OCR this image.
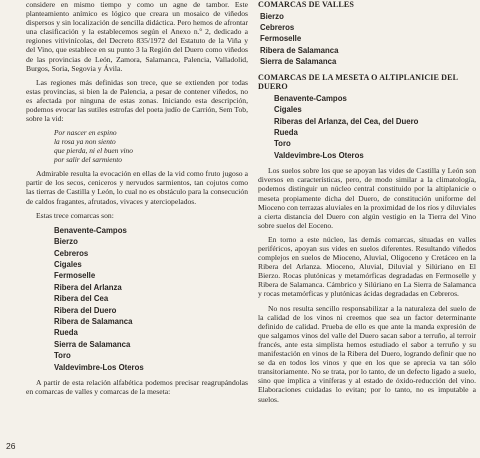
considere en mismo tiempo y como un agne de tambor. Este planteamiento anímico es lógico que creara un mosaico de viñedos dispersos y sin localización de sencilla didáctica. Pero hemos de afrontar una clasificación y la establecemos según el Anexo n.º 2, dedicado a regiones vitivinícolas, del Decreto 835/1972 del Estatuto de la Viña y del Vino, que establece en su punto 3 la Región del Duero como viñedos de las provincias de León, Zamora, Salamanca, Palencia, Valladolid, Burgos, Soria, Segovia y Ávila.

Las regiones más definidas son trece, que se extienden por todas estas provincias, si bien la de Palencia, a pesar de contener viñedos, no es afectada por ninguna de estas zonas. Iniciando esta descripción, podemos evocar las sutiles estrofas del poeta judío de Carrión, Sem Tob, sobre la vid:

Por nascer en espino
la rosa ya non siento
que pierda, ni el buen vino
por salir del sarmiento

Admirable resulta la evocación en ellas de la vid como fruto jugoso a partir de los secos, ceniceros y nervudos sarmientos, tan cojutos como las tierras de Castilla y León, lo cual no es obstáculo para la consecución de caldos fragantes, afrutados, vivaces y aterciopelados.

Estas trece comarcas son:

Benavente-Campos
Bierzo
Cebreros
Cigales
Fermoselle
Ribera del Arlanza
Ribera del Cea
Ribera del Duero
Ribera de Salamanca
Rueda
Sierra de Salamanca
Toro
Valdevimbre-Los Oteros

A partir de esta relación alfabética podemos precisar reagrupándolas en comarcas de valles y comarcas de la meseta:

26
COMARCAS DE VALLES
Bierzo
Cebreros
Fermoselle
Ribera de Salamanca
Sierra de Salamanca
COMARCAS DE LA MESETA O ALTIPLANICIE DEL DUERO
Benavente-Campos
Cigales
Riberas del Arlanza, del Cea, del Duero
Rueda
Toro
Valdevimbre-Los Oteros

Los suelos sobre los que se apoyan las vides de Castilla y León son diversos en características, pero, de modo similar a la climatología, podemos distinguir un núcleo central constituido por la altiplanicie o meseta propiamente dicha del Duero, de constitución uniforme del Mioceno con terrazas aluviales en la proximidad de los ríos y diluviales a cierta distancia del Duero con algún vestigio en la Tierra del Vino sobre suelos del Eoceno.

En torno a este núcleo, las demás comarcas, situadas en valles periféricos, apoyan sus vides en suelos diferentes. Resultando viñedos complejos en suelos de Mioceno, Aluvial, Oligoceno y Cretáceo en la Ribera del Arlanza. Mioceno, Aluvial, Diluvial y Silúriano en El Bierzo. Rocas plutónicas y metamórficas degradadas en Fermoselle y Ribera de Salamanca. Cámbrico y Silúriano en La Sierra de Salamanca y rocas metamórficas y plutónicas ácidas degradadas en Cebreros.

No nos resulta sencillo responsabilizar a la naturaleza del suelo de la calidad de los vinos ni creemos que sea un factor determinante definido de calidad. Prueba de ello es que ante la manda expresión de que salgamos vinos del valle del Duero sacan sabor a terruño, al terroir francés, ante esta simplista hemos estudiado el sabor a terruño y su manifestación en vinos de la Ribera del Duero, logrando definir que no se da en todos los vinos y que en los que se aprecia va tan sólo transitoriamente. No se trata, por lo tanto, de un defecto ligado a suelo, sino que implica a viníferas y al estado de óxido-reducción del vino. Elaboraciones cuidadas lo evitan; por lo tanto, no es imputable a suelos.
